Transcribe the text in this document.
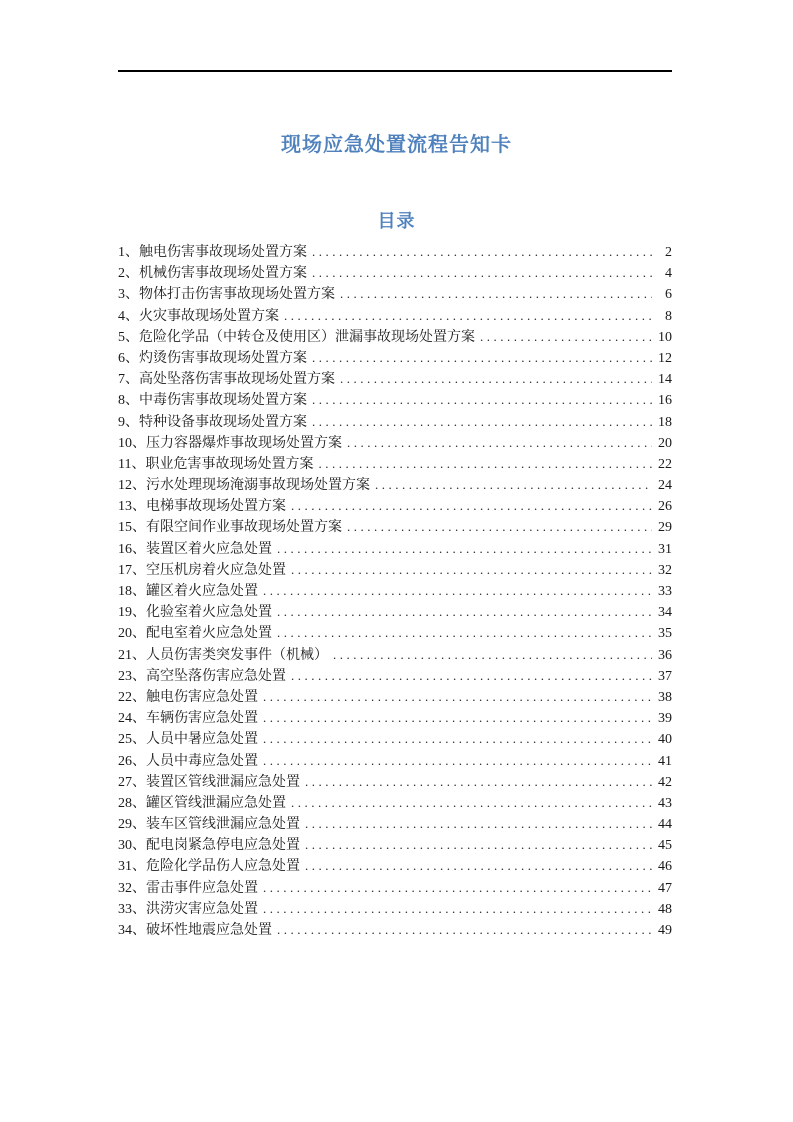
现场应急处置流程告知卡
目录
1、触电伤害事故现场处置方案 .....	2
2、机械伤害事故现场处置方案 .....	4
3、物体打击伤害事故现场处置方案 .....	6
4、火灾事故现场处置方案 .....	8
5、危险化学品（中转仓及使用区）泄漏事故现场处置方案 .....	10
6、灼烫伤害事故现场处置方案 .....	12
7、高处坠落伤害事故现场处置方案 .....	14
8、中毒伤害事故现场处置方案 .....	16
9、特种设备事故现场处置方案 .....	18
10、压力容器爆炸事故现场处置方案 .....	20
11、职业危害事故现场处置方案 .....	22
12、污水处理现场淹溺事故现场处置方案 .....	24
13、电梯事故现场处置方案 .....	26
15、有限空间作业事故现场处置方案 .....	29
16、装置区着火应急处置 .....	31
17、空压机房着火应急处置 .....	32
18、罐区着火应急处置 .....	33
19、化验室着火应急处置 .....	34
20、配电室着火应急处置 .....	35
21、人员伤害类突发事件（机械） .....	36
23、高空坠落伤害应急处置 .....	37
22、触电伤害应急处置 .....	38
24、车辆伤害应急处置 .....	39
25、人员中暑应急处置 .....	40
26、人员中毒应急处置 .....	41
27、装置区管线泄漏应急处置 .....	42
28、罐区管线泄漏应急处置 .....	43
29、装车区管线泄漏应急处置 .....	44
30、配电岗紧急停电应急处置 .....	45
31、危险化学品伤人应急处置 .....	46
32、雷击事件应急处置 .....	47
33、洪涝灾害应急处置 .....	48
34、破坏性地震应急处置 .....	49
